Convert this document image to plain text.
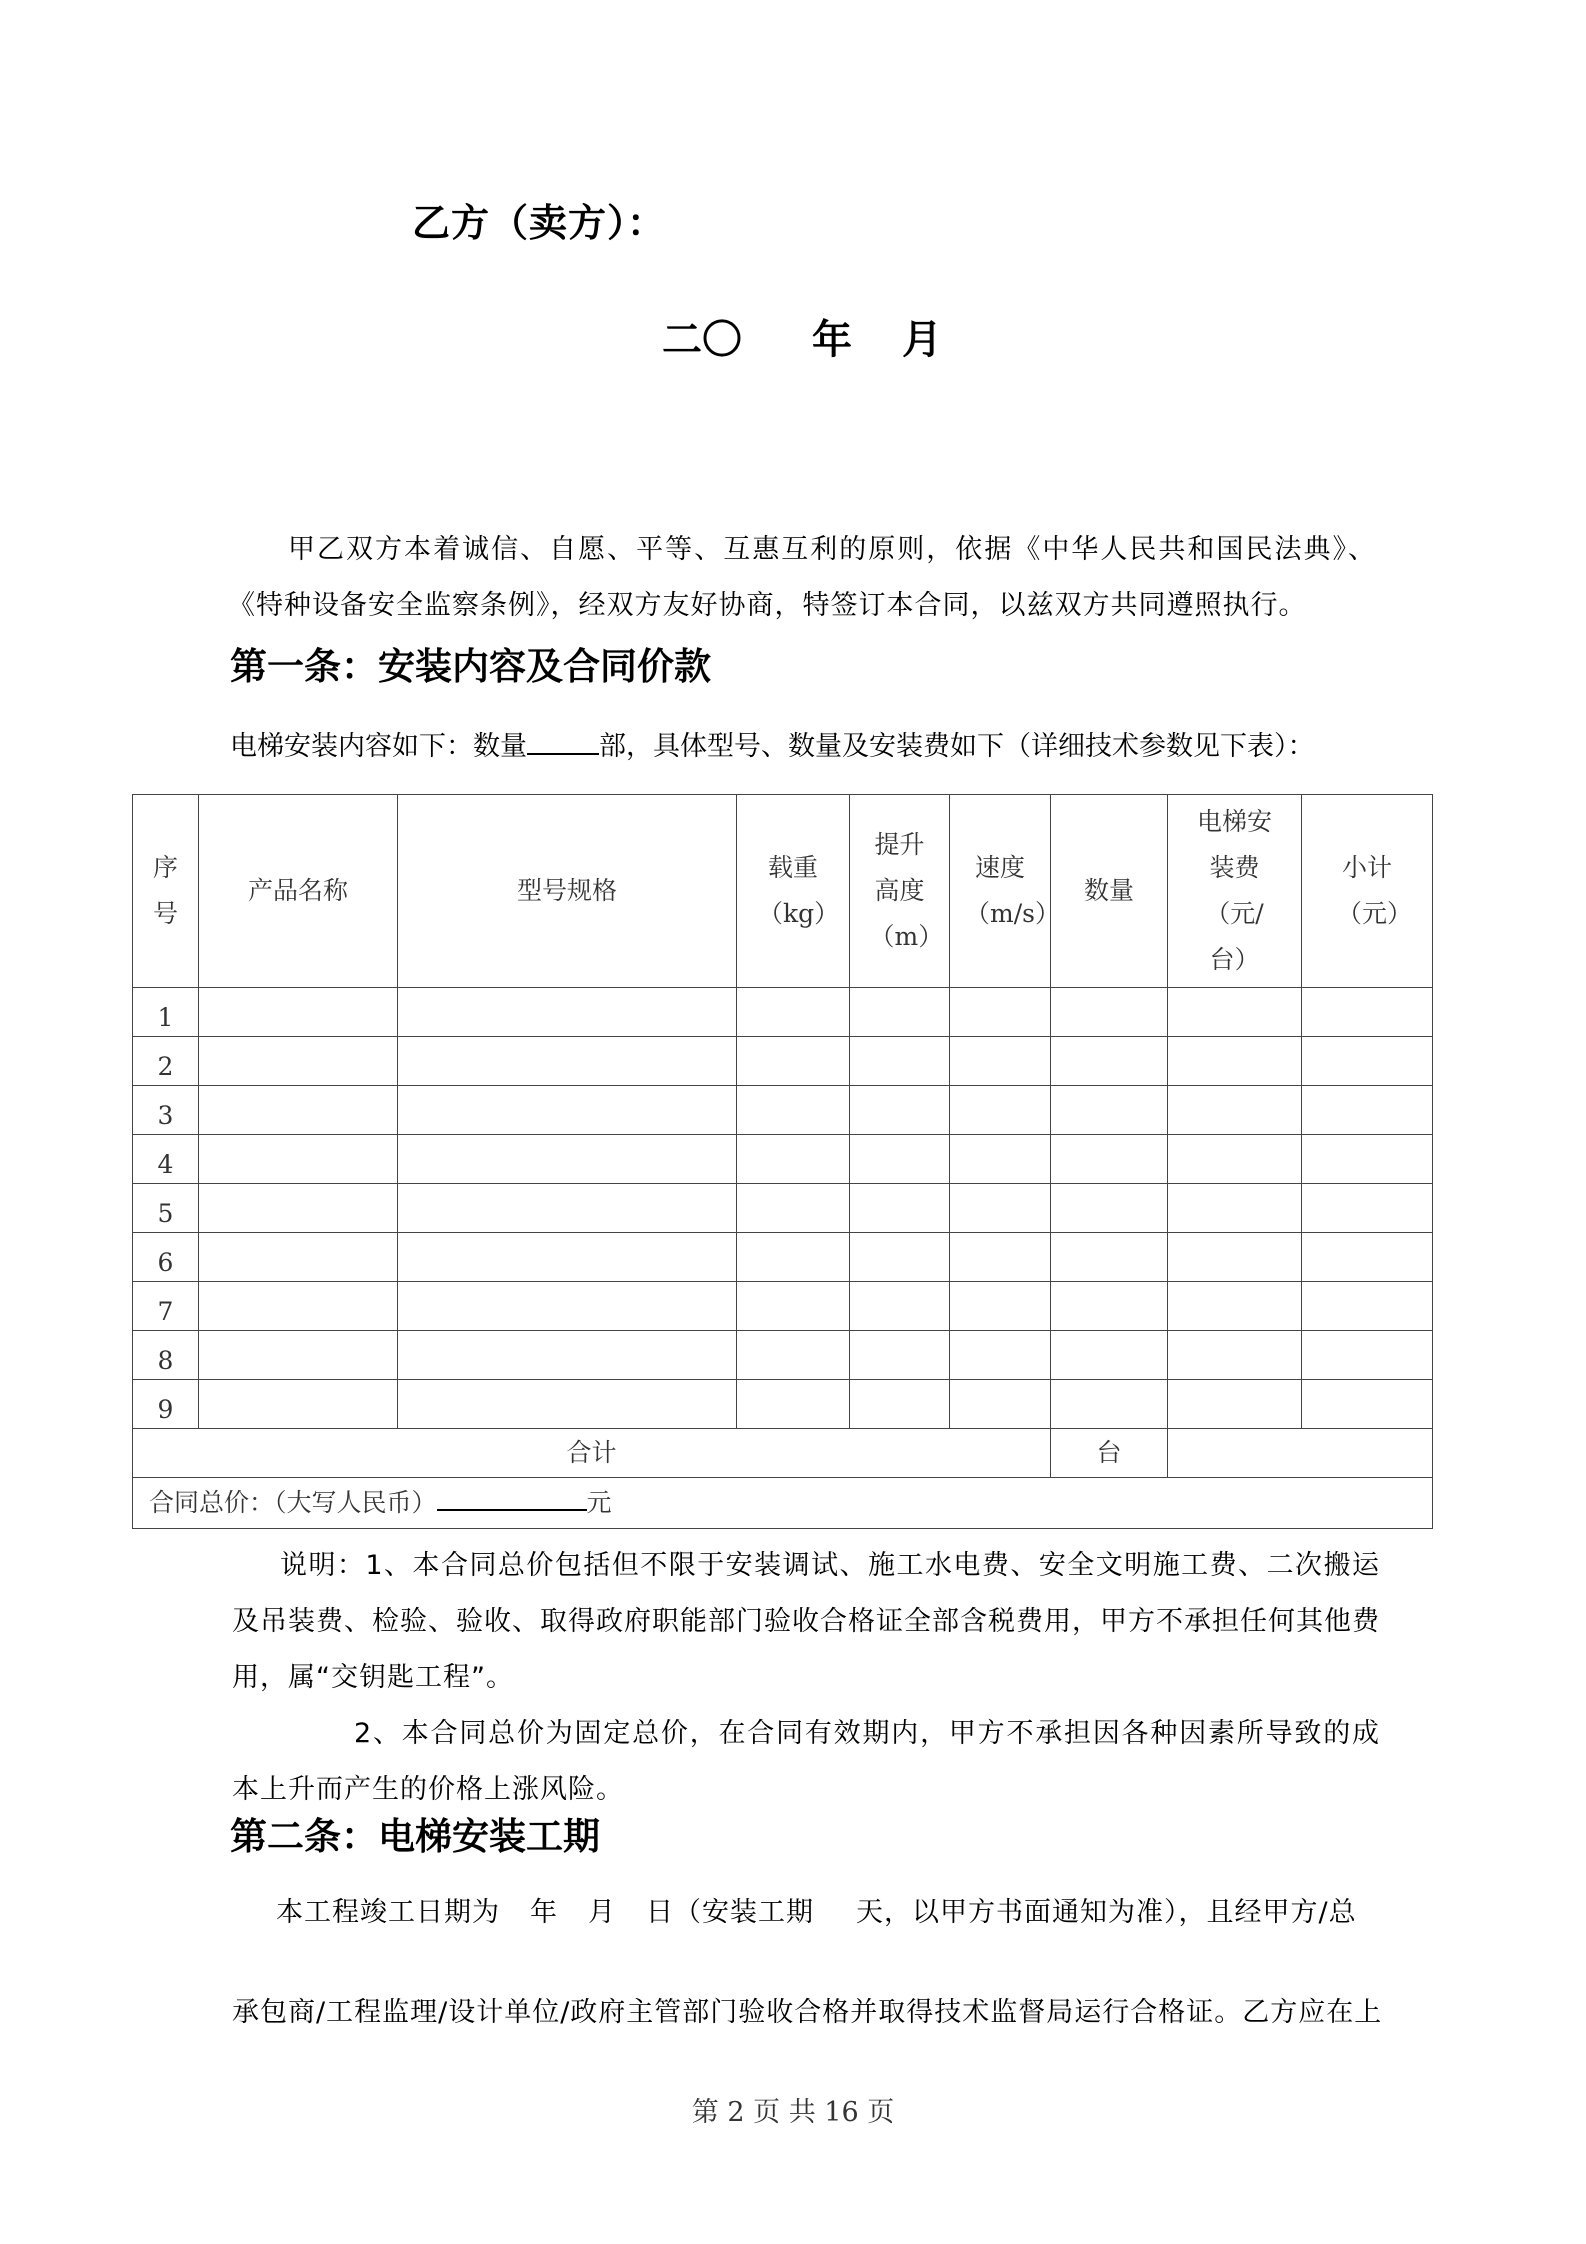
乙方（卖方）：
二〇 年 月

甲乙双方本着诚信、自愿、平等、互惠互利的原则，依据《中华人民共和国民法典》、《特种设备安全监察条例》，经双方友好协商，特签订本合同，以兹双方共同遵照执行。

第一条：安装内容及合同价款
电梯安装内容如下：数量	部，具体型号、数量及安装费如下（详细技术参数见下表）：
序号	产品名称	型号规格	载重（kg）	提升高度（m）	速度（m/s）	数量	电梯安装费（元/台）	小计（元）

1								
2								
3								
4								
5								
6								
7								
8								
9								
合计						台		
合同总价：（大写人民币） 元								

说明：1、本合同总价包括但不限于安装调试、施工水电费、安全文明施工费、二次搬运及吊装费、检验、验收、取得政府职能部门验收合格证全部含税费用，甲方不承担任何其他费用，属“交钥匙工程”。

2、本合同总价为固定总价，在合同有效期内，甲方不承担因各种因素所导致的成本上升而产生的价格上涨风险。

第二条：电梯安装工期
本工程竣工日期为 年 月 日（安装工期 天，以甲方书面通知为准），且经甲方/总
承包商/工程监理/设计单位/政府主管部门验收合格并取得技术监督局运行合格证。乙方应在上
第 2 页 共 16 页
